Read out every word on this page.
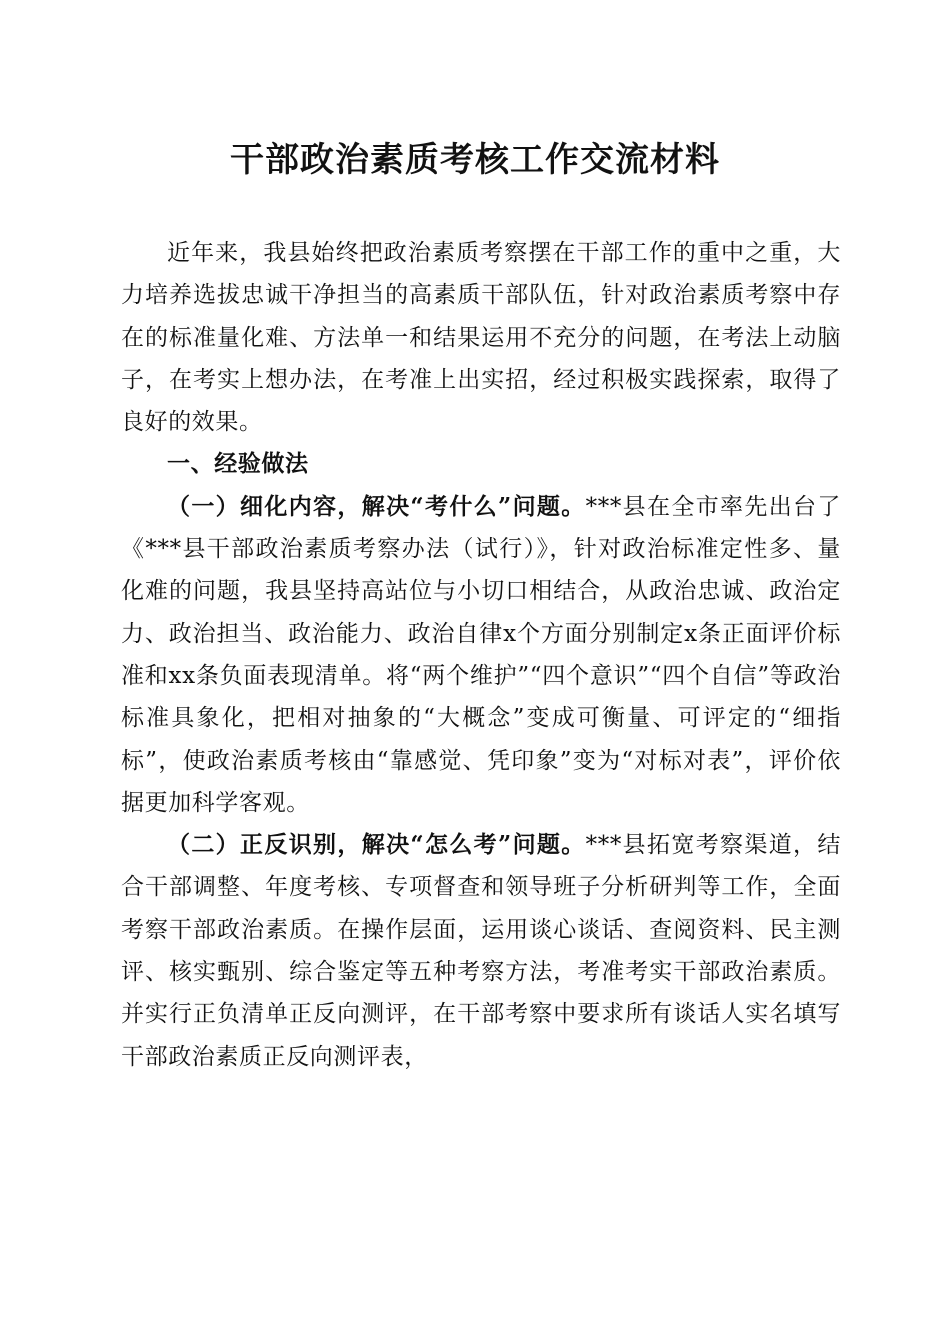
干部政治素质考核工作交流材料

近年来，我县始终把政治素质考察摆在干部工作的重中之重，大力培养选拔忠诚干净担当的高素质干部队伍，针对政治素质考察中存在的标准量化难、方法单一和结果运用不充分的问题，在考法上动脑子，在考实上想办法，在考准上出实招，经过积极实践探索，取得了良好的效果。

一、经验做法

（一）细化内容，解决“考什么”问题。***县在全市率先出台了《***县干部政治素质考察办法（试行）》，针对政治标准定性多、量化难的问题，我县坚持高站位与小切口相结合，从政治忠诚、政治定力、政治担当、政治能力、政治自律x个方面分别制定x条正面评价标准和xx条负面表现清单。将“两个维护”“四个意识”“四个自信”等政治标准具象化，把相对抽象的“大概念”变成可衡量、可评定的“细指标”，使政治素质考核由“靠感觉、凭印象”变为“对标对表”，评价依据更加科学客观。

（二）正反识别，解决“怎么考”问题。***县拓宽考察渠道，结合干部调整、年度考核、专项督查和领导班子分析研判等工作，全面考察干部政治素质。在操作层面，运用谈心谈话、查阅资料、民主测评、核实甄别、综合鉴定等五种考察方法，考准考实干部政治素质。并实行正负清单正反向测评，在干部考察中要求所有谈话人实名填写干部政治素质正反向测评表，
